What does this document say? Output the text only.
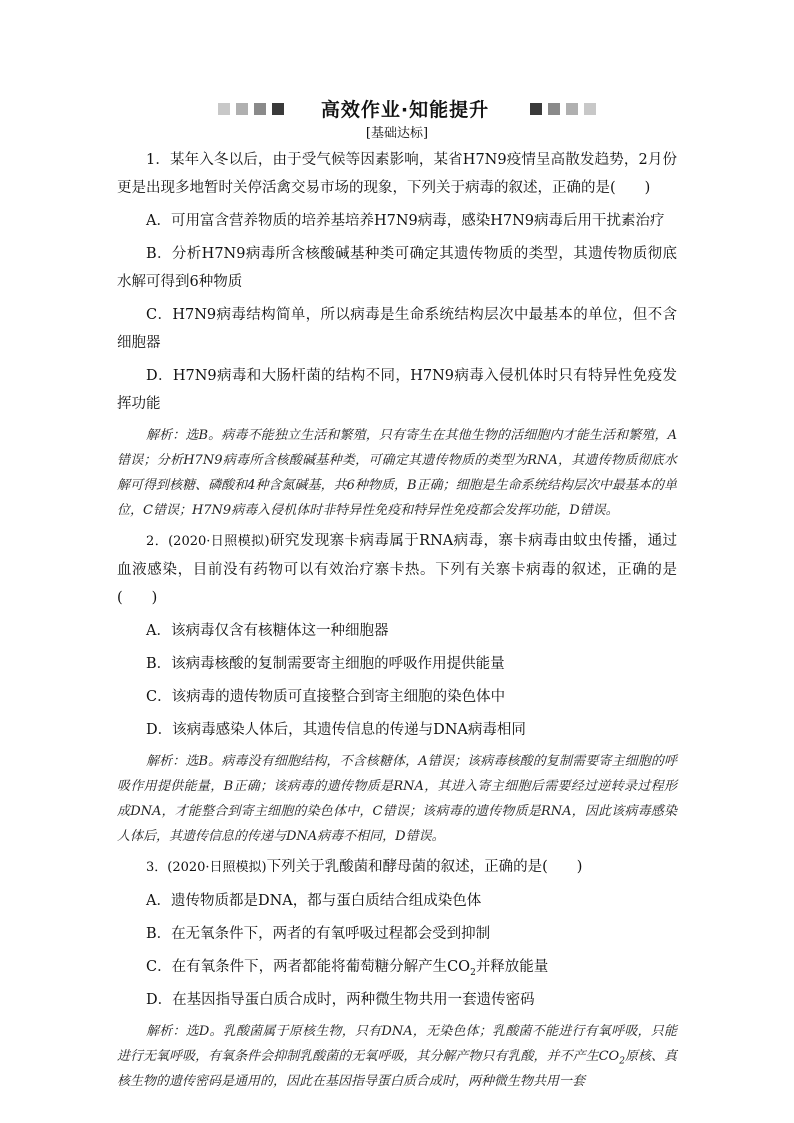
高效作业·知能提升
[基础达标]

1．某年入冬以后，由于受气候等因素影响，某省H7N9疫情呈高散发趋势，2月份更是出现多地暂时关停活禽交易市场的现象，下列关于病毒的叙述，正确的是(　　)

A．可用富含营养物质的培养基培养H7N9病毒，感染H7N9病毒后用干扰素治疗

B．分析H7N9病毒所含核酸碱基种类可确定其遗传物质的类型，其遗传物质彻底水解可得到6种物质

C．H7N9病毒结构简单，所以病毒是生命系统结构层次中最基本的单位，但不含细胞器

D．H7N9病毒和大肠杆菌的结构不同，H7N9病毒入侵机体时只有特异性免疫发挥功能

解析：选B。病毒不能独立生活和繁殖，只有寄生在其他生物的活细胞内才能生活和繁殖，A错误；分析H7N9病毒所含核酸碱基种类，可确定其遗传物质的类型为RNA，其遗传物质彻底水解可得到核糖、磷酸和4种含氮碱基，共6种物质，B正确；细胞是生命系统结构层次中最基本的单位，C错误；H7N9病毒入侵机体时非特异性免疫和特异性免疫都会发挥功能，D错误。

2．(2020·日照模拟)研究发现寨卡病毒属于RNA病毒，寨卡病毒由蚊虫传播，通过血液感染，目前没有药物可以有效治疗寨卡热。下列有关寨卡病毒的叙述，正确的是(　　)

A．该病毒仅含有核糖体这一种细胞器

B．该病毒核酸的复制需要寄主细胞的呼吸作用提供能量

C．该病毒的遗传物质可直接整合到寄主细胞的染色体中

D．该病毒感染人体后，其遗传信息的传递与DNA病毒相同

解析：选B。病毒没有细胞结构，不含核糖体，A错误；该病毒核酸的复制需要寄主细胞的呼吸作用提供能量，B正确；该病毒的遗传物质是RNA，其进入寄主细胞后需要经过逆转录过程形成DNA，才能整合到寄主细胞的染色体中，C错误；该病毒的遗传物质是RNA，因此该病毒感染人体后，其遗传信息的传递与DNA病毒不相同，D错误。

3．(2020·日照模拟)下列关于乳酸菌和酵母菌的叙述，正确的是(　　)

A．遗传物质都是DNA，都与蛋白质结合组成染色体

B．在无氧条件下，两者的有氧呼吸过程都会受到抑制

C．在有氧条件下，两者都能将葡萄糖分解产生$CO_2$并释放能量

D．在基因指导蛋白质合成时，两种微生物共用一套遗传密码

解析：选D。乳酸菌属于原核生物，只有DNA，无染色体；乳酸菌不能进行有氧呼吸，只能进行无氧呼吸，有氧条件会抑制乳酸菌的无氧呼吸，其分解产物只有乳酸，并不产生$CO_2$原核、真核生物的遗传密码是通用的，因此在基因指导蛋白质合成时，两种微生物共用一套
